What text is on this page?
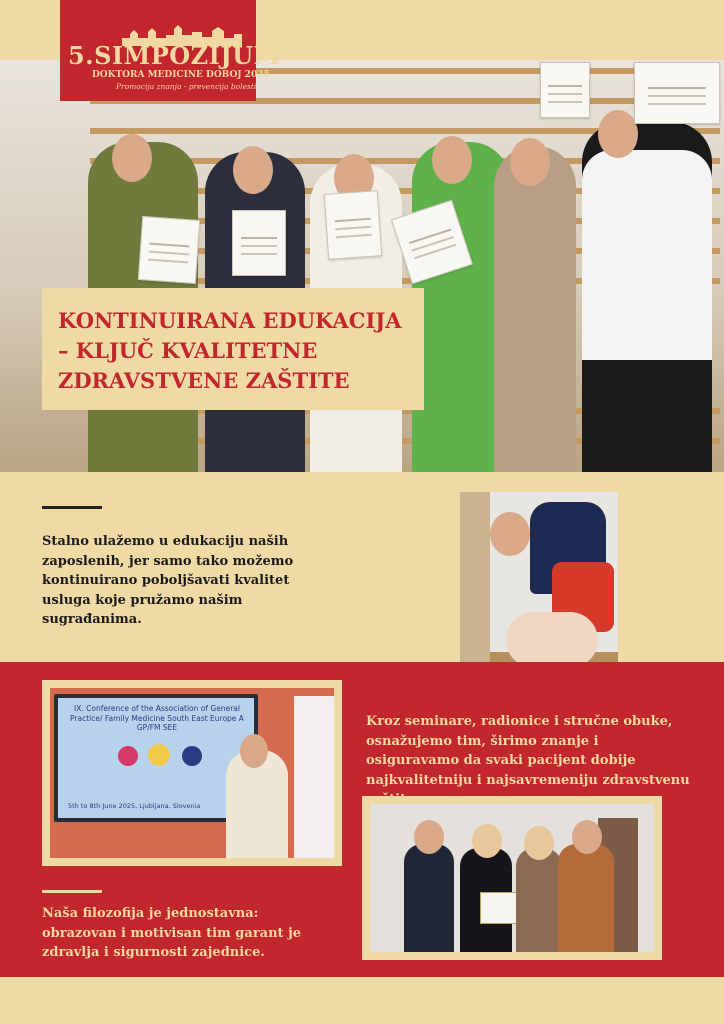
5.SIMPOZIJUM
DOKTORA MEDICINE DOBOJ 2025
Promocija znanja - prevencija bolesti
KONTINUIRANA EDUKACIJA – KLJUČ KVALITETNE ZDRAVSTVENE ZAŠTITE
Stalno ulažemo u edukaciju naših zaposlenih, jer samo tako možemo kontinuirano poboljšavati kvalitet usluga koje pružamo našim sugrađanima.
IX. Conference of the Association of General Practice/ Family Medicine South East Europe A GP/FM SEE
5th to 8th June 2025, Ljubljana, Slovenia
Kroz seminare, radionice i stručne obuke, osnažujemo tim, širimo znanje i osiguravamo da svaki pacijent dobije najkvalitetniju i najsavremeniju zdravstvenu
Naša filozofija je jednostavna: obrazovan i motivisan tim garant je zdravlja i sigurnosti zajednice.
